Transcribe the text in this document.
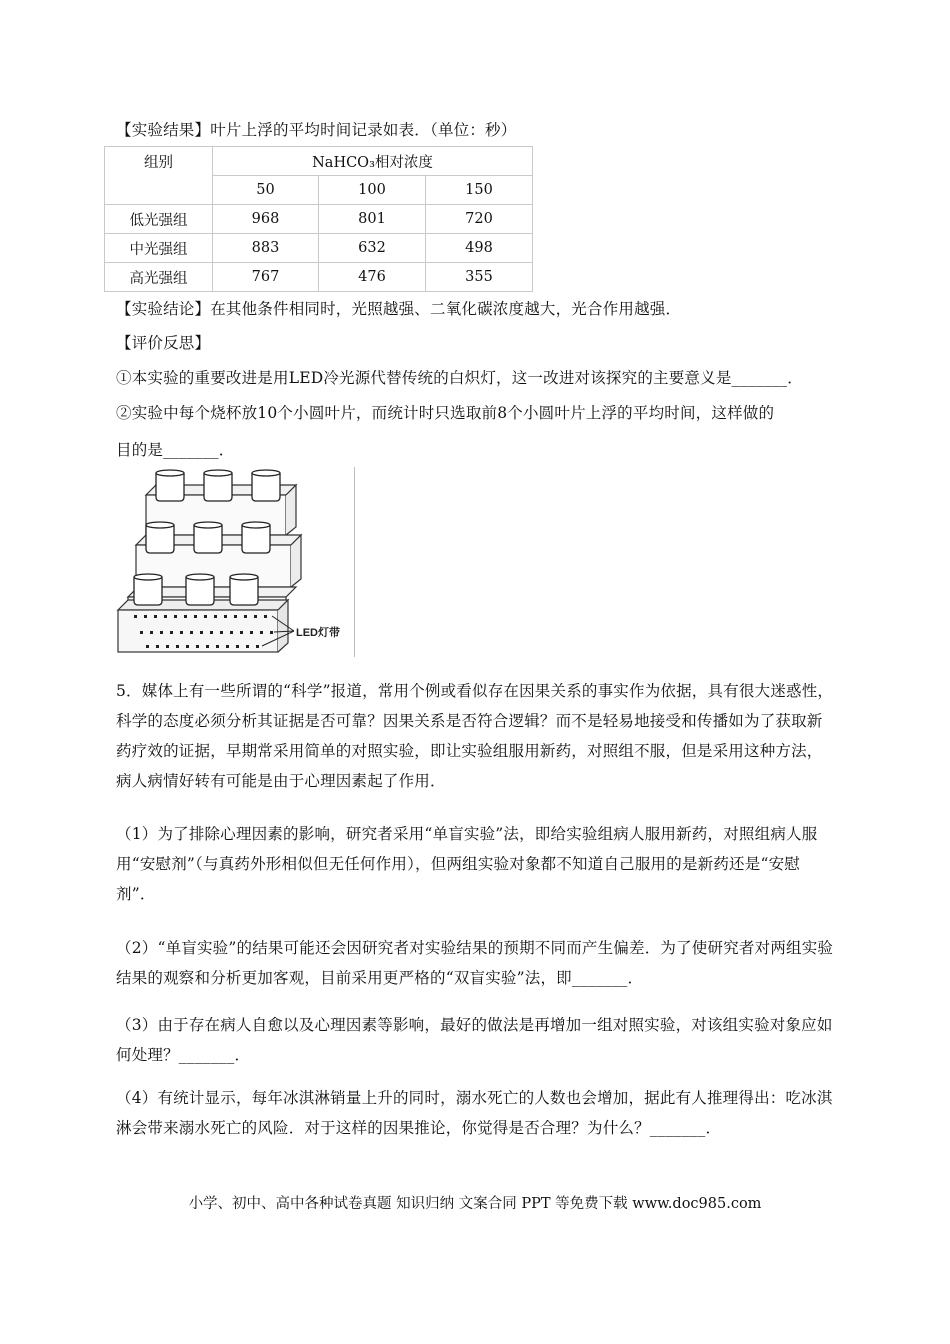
【实验结果】叶片上浮的平均时间记录如表．（单位：秒）
组别	NaHCO₃相对浓度		
	50	100	150
低光强组	968	801	720
中光强组	883	632	498
高光强组	767	476	355
【实验结论】在其他条件相同时，光照越强、二氧化碳浓度越大，光合作用越强．
【评价反思】
①本实验的重要改进是用LED冷光源代替传统的白炽灯，这一改进对该探究的主要意义是_______．
②实验中每个烧杯放10个小圆叶片，而统计时只选取前8个小圆叶片上浮的平均时间，这样做的
目的是_______．
LED灯带
5．媒体上有一些所谓的“科学”报道，常用个例或看似存在因果关系的事实作为依据，具有很大迷惑性，科学的态度必须分析其证据是否可靠？因果关系是否符合逻辑？而不是轻易地接受和传播如为了获取新药疗效的证据，早期常采用简单的对照实验，即让实验组服用新药，对照组不服，但是采用这种方法，病人病情好转有可能是由于心理因素起了作用．
（1）为了排除心理因素的影响，研究者采用“单盲实验”法，即给实验组病人服用新药，对照组病人服用“安慰剂”（与真药外形相似但无任何作用），但两组实验对象都不知道自己服用的是新药还是“安慰剂”．
（2）“单盲实验”的结果可能还会因研究者对实验结果的预期不同而产生偏差．为了使研究者对两组实验结果的观察和分析更加客观，目前采用更严格的“双盲实验”法，即_______．
（3）由于存在病人自愈以及心理因素等影响，最好的做法是再增加一组对照实验，对该组实验对象应如何处理？_______．
（4）有统计显示，每年冰淇淋销量上升的同时，溺水死亡的人数也会增加，据此有人推理得出：吃冰淇淋会带来溺水死亡的风险．对于这样的因果推论，你觉得是否合理？为什么？_______．
小学、初中、高中各种试卷真题 知识归纳 文案合同 PPT 等免费下载 www.doc985.com
